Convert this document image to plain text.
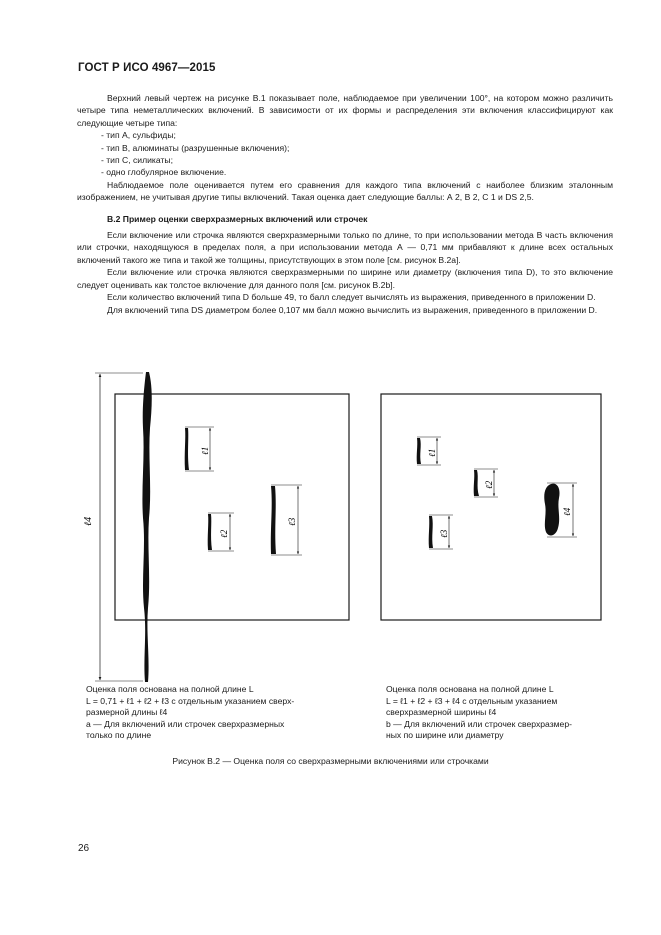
ГОСТ Р ИСО 4967—2015

Верхний левый чертеж на рисунке В.1 показывает поле, наблюдаемое при увеличении 100°, на котором можно различить четыре типа неметаллических включений. В зависимости от их формы и распределения эти включения классифицируют как следующие четыре типа:

- тип А, сульфиды;

- тип В, алюминаты (разрушенные включения);

- тип С, силикаты;

- одно глобулярное включение.

Наблюдаемое поле оценивается путем его сравнения для каждого типа включений с наиболее близким эталонным изображением, не учитывая другие типы включений. Такая оценка дает следующие баллы: А 2, В 2, С 1 и DS 2,5.

В.2 Пример оценки сверхразмерных включений или строчек

Если включение или строчка являются сверхразмерными только по длине, то при использовании метода В часть включения или строчки, находящуюся в пределах поля, а при использовании метода А — 0,71 мм прибавляют к длине всех остальных включений такого же типа и такой же толщины, присутствующих в этом поле [см. рисунок В.2а].

Если включение или строчка являются сверхразмерными по ширине или диаметру (включения типа D), то это включение следует оценивать как толстое включение для данного поля [см. рисунок В.2b].

Если количество включений типа D больше 49, то балл следует вычислять из выражения, приведенного в приложении D.

Для включений типа DS диаметром более 0,107 мм балл можно вычислить из выражения, приведенного в приложении D.

ℓ4
ℓ1
ℓ2
ℓ3
ℓ1
ℓ2
ℓ3
ℓ4

Оценка поля основана на полной длине L

L = 0,71 + ℓ1 + ℓ2 + ℓ3 с отдельным указанием сверх-

размерной длины ℓ4

а — Для включений или строчек сверхразмерных

только по длине

Оценка поля основана на полной длине L

L = ℓ1 + ℓ2 + ℓ3 + ℓ4 с отдельным указанием

сверхразмерной ширины ℓ4

b — Для включений или строчек сверхразмер-

ных по ширине или диаметру

Рисунок В.2 — Оценка поля со сверхразмерными включениями или строчками
26
